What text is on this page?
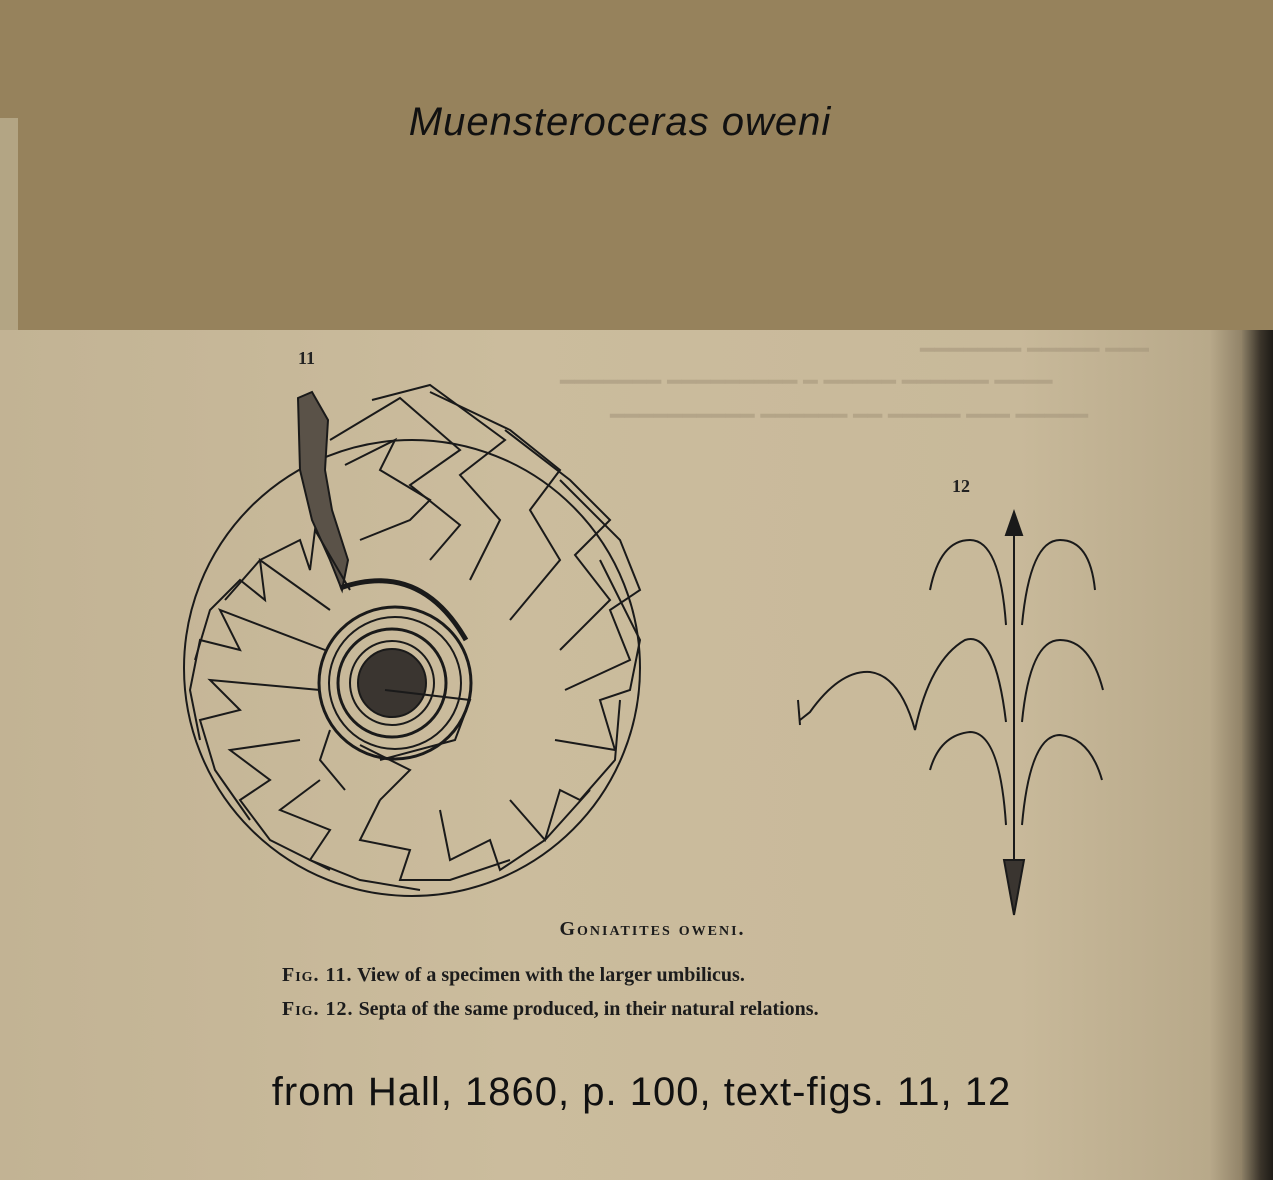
Muensteroceras oweni
━━━ ━━━━━ ━━━━━━━
━━━━ ━━━━━━ ━━━━━ ━ ━━━━━━━━━ ━━━━━━━
━━━━━ ━━━ ━━━━━ ━━ ━━━━━━ ━━━━━━━━━━
11
12
Goniatites oweni.
Fig. 11. View of a specimen with the larger umbilicus.
Fig. 12. Septa of the same produced, in their natural relations.
from Hall, 1860, p. 100, text-figs. 11, 12
